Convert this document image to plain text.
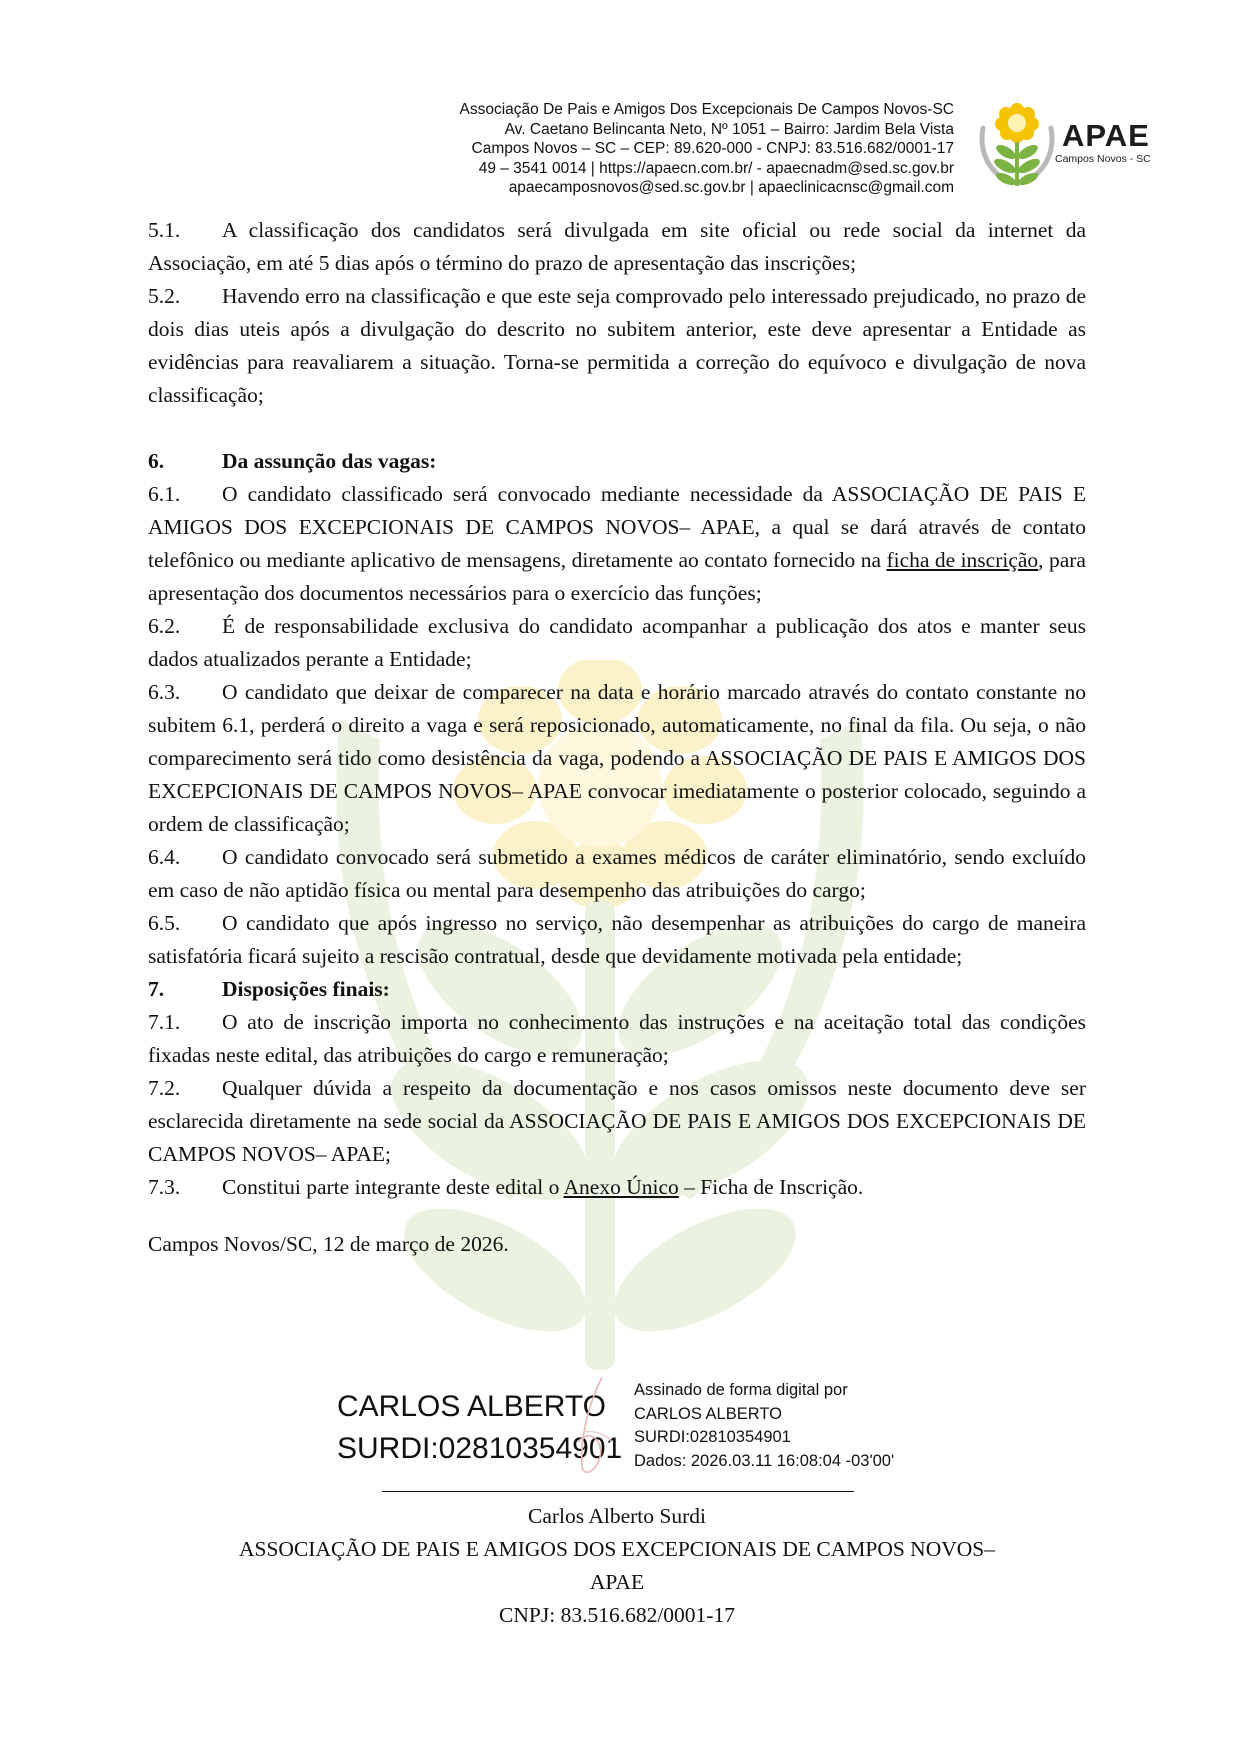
Associação De Pais e Amigos Dos Excepcionais De Campos Novos-SC
Av. Caetano Belincanta Neto, Nº 1051 – Bairro: Jardim Bela Vista
Campos Novos – SC – CEP: 89.620-000 - CNPJ: 83.516.682/0001-17
49 – 3541 0014 | https://apaecn.com.br/ - apaecnadm@sed.sc.gov.br
apaecamposnovos@sed.sc.gov.br | apaeclinicacnsc@gmail.com
APAE
Campos Novos - SC

5.1. A classificação dos candidatos será divulgada em site oficial ou rede social da internet da Associação, em até 5 dias após o término do prazo de apresentação das inscrições;

5.2. Havendo erro na classificação e que este seja comprovado pelo interessado prejudicado, no prazo de dois dias uteis após a divulgação do descrito no subitem anterior, este deve apresentar a Entidade as evidências para reavaliarem a situação. Torna-se permitida a correção do equívoco e divulgação de nova classificação;

6.	Da assunção das vagas:

6.1. O candidato classificado será convocado mediante necessidade da ASSOCIAÇÃO DE PAIS E AMIGOS DOS EXCEPCIONAIS DE CAMPOS NOVOS– APAE, a qual se dará através de contato telefônico ou mediante aplicativo de mensagens, diretamente ao contato fornecido na ficha de inscrição, para apresentação dos documentos necessários para o exercício das funções;

6.2. É de responsabilidade exclusiva do candidato acompanhar a publicação dos atos e manter seus dados atualizados perante a Entidade;

6.3. O candidato que deixar de comparecer na data e horário marcado através do contato constante no subitem 6.1, perderá o direito a vaga e será reposicionado, automaticamente, no final da fila. Ou seja, o não comparecimento será tido como desistência da vaga, podendo a ASSOCIAÇÃO DE PAIS E AMIGOS DOS EXCEPCIONAIS DE CAMPOS NOVOS– APAE convocar imediatamente o posterior colocado, seguindo a ordem de classificação;

6.4. O candidato convocado será submetido a exames médicos de caráter eliminatório, sendo excluído em caso de não aptidão física ou mental para desempenho das atribuições do cargo;

6.5. O candidato que após ingresso no serviço, não desempenhar as atribuições do cargo de maneira satisfatória ficará sujeito a rescisão contratual, desde que devidamente motivada pela entidade;

7.	Disposições finais:

7.1. O ato de inscrição importa no conhecimento das instruções e na aceitação total das condições fixadas neste edital, das atribuições do cargo e remuneração;

7.2. Qualquer dúvida a respeito da documentação e nos casos omissos neste documento deve ser esclarecida diretamente na sede social da ASSOCIAÇÃO DE PAIS E AMIGOS DOS EXCEPCIONAIS DE CAMPOS NOVOS– APAE;

7.3. Constitui parte integrante deste edital o Anexo Único – Ficha de Inscrição.

Campos Novos/SC, 12 de março de 2026.

CARLOS ALBERTO
SURDI:02810354901
Assinado de forma digital por
CARLOS ALBERTO
SURDI:02810354901
Dados: 2026.03.11 16:08:04 -03'00'
Carlos Alberto Surdi
ASSOCIAÇÃO DE PAIS E AMIGOS DOS EXCEPCIONAIS DE CAMPOS NOVOS–
APAE
CNPJ: 83.516.682/0001-17
